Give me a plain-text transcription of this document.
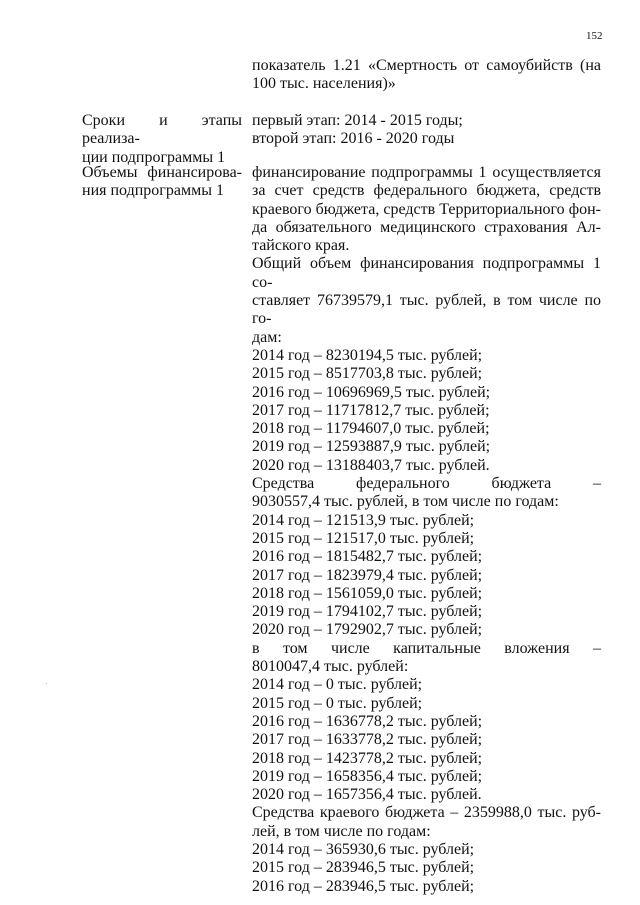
152

показатель 1.21 «Смертность от самоубийств (на

100 тыс. населения)»

Сроки и этапы реализа-

ции подпрограммы 1

первый этап: 2014 - 2015 годы;

второй этап: 2016 - 2020 годы

Объемы финансирова-

ния подпрограммы 1

финансирование подпрограммы 1 осуществляется

за счет средств федерального бюджета, средств

краевого бюджета, средств Территориального фон-

да обязательного медицинского страхования Ал-

тайского края.

Общий объем финансирования подпрограммы 1 со-

ставляет 76739579,1 тыс. рублей, в том числе по го-

дам:

2014 год – 8230194,5 тыс. рублей;

2015 год – 8517703,8 тыс. рублей;

2016 год – 10696969,5 тыс. рублей;

2017 год – 11717812,7 тыс. рублей;

2018 год – 11794607,0 тыс. рублей;

2019 год – 12593887,9 тыс. рублей;

2020 год – 13188403,7 тыс. рублей.

Средства федерального бюджета –

9030557,4 тыс. рублей, в том числе по годам:

2014 год – 121513,9 тыс. рублей;

2015 год – 121517,0 тыс. рублей;

2016 год – 1815482,7 тыс. рублей;

2017 год – 1823979,4 тыс. рублей;

2018 год – 1561059,0 тыс. рублей;

2019 год – 1794102,7 тыс. рублей;

2020 год – 1792902,7 тыс. рублей;

в том числе капитальные вложения –

8010047,4 тыс. рублей:

2014 год – 0 тыс. рублей;

2015 год – 0 тыс. рублей;

2016 год – 1636778,2 тыс. рублей;

2017 год – 1633778,2 тыс. рублей;

2018 год – 1423778,2 тыс. рублей;

2019 год – 1658356,4 тыс. рублей;

2020 год – 1657356,4 тыс. рублей.

Средства краевого бюджета – 2359988,0 тыс. руб-

лей, в том числе по годам:

2014 год – 365930,6 тыс. рублей;

2015 год – 283946,5 тыс. рублей;

2016 год – 283946,5 тыс. рублей;
